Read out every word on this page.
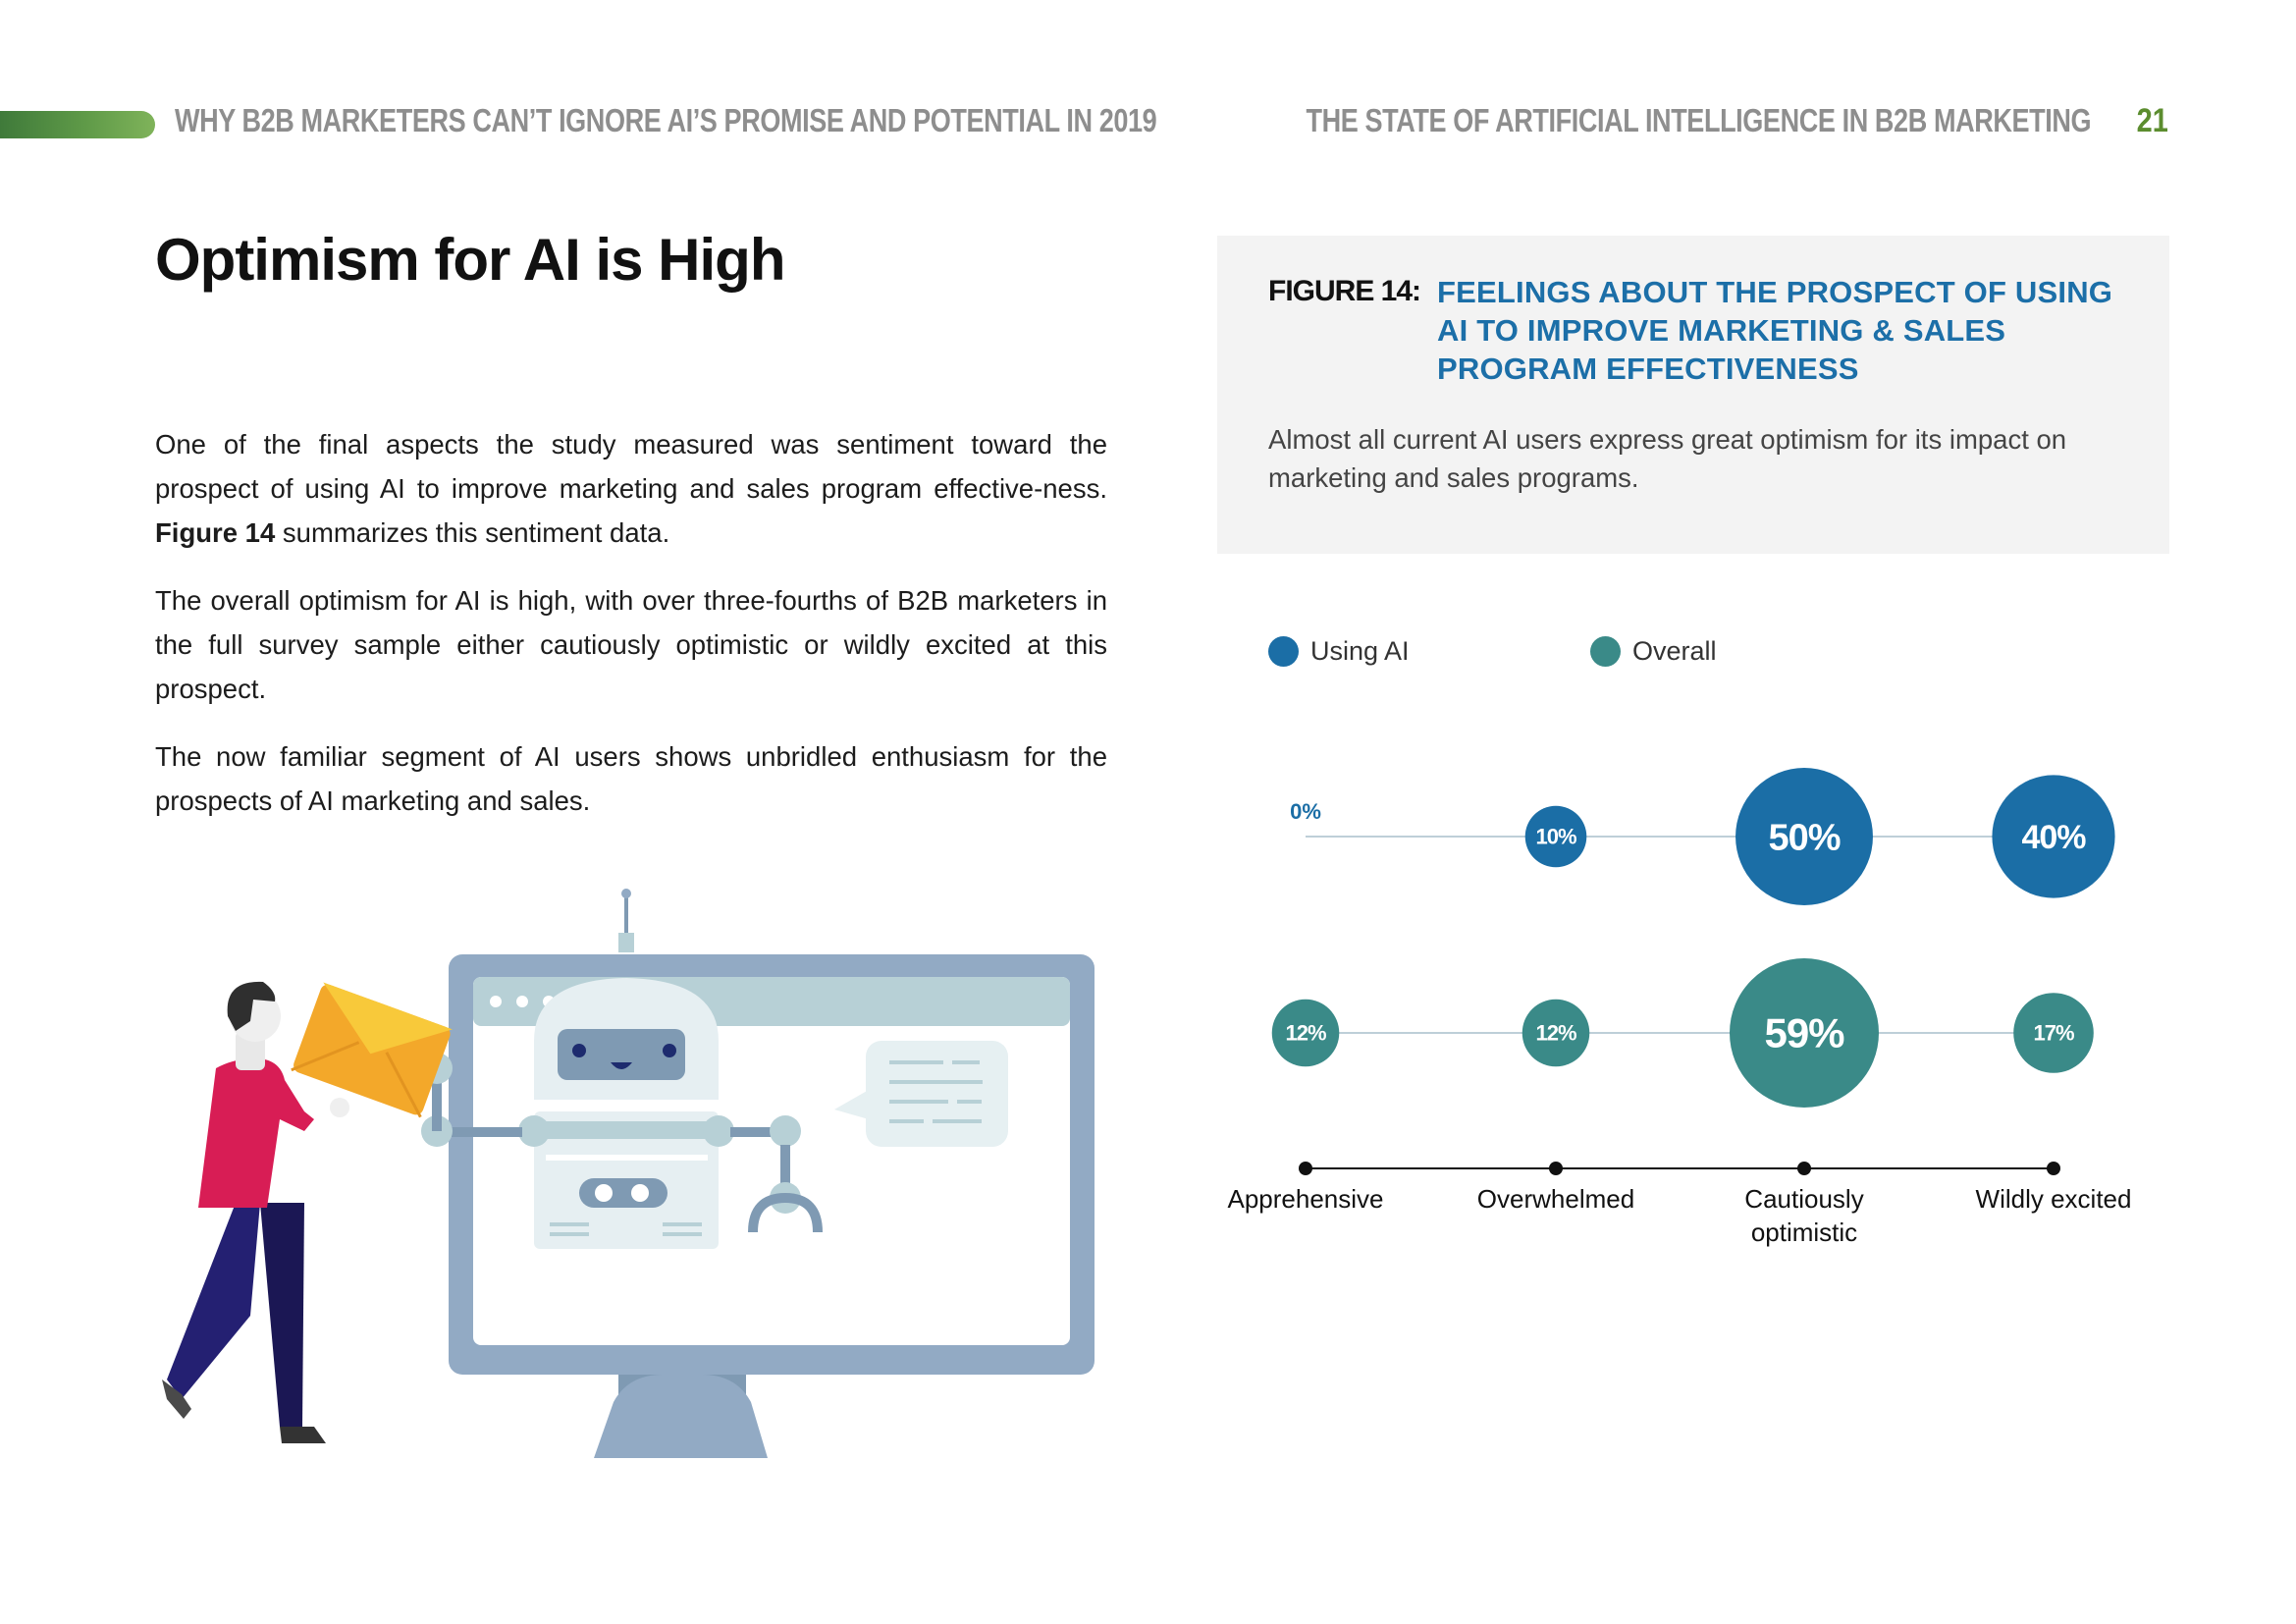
WHY B2B MARKETERS CAN’T IGNORE AI’S PROMISE AND POTENTIAL IN 2019	THE STATE OF ARTIFICIAL INTELLIGENCE IN B2B MARKETING 21
Optimism for AI is High

One of the final aspects the study measured was sentiment toward the prospect of using AI to improve marketing and sales program effective-ness. Figure 14 summarizes this sentiment data.

The overall optimism for AI is high, with over three-fourths of B2B marketers in the full survey sample either cautiously optimistic or wildly excited at this prospect.

The now familiar segment of AI users shows unbridled enthusiasm for the prospects of AI marketing and sales.

FIGURE 14: FEELINGS ABOUT THE PROSPECT OF USING AI TO IMPROVE MARKETING & SALES PROGRAM EFFECTIVENESS
Almost all current AI users express great optimism for its impact on marketing and sales programs.
Using AI	Overall
0%
10%	50%	40%
12%	12%	59%	17%
Apprehensive	Overwhelmed	Cautiously
optimistic
Wildly excited
